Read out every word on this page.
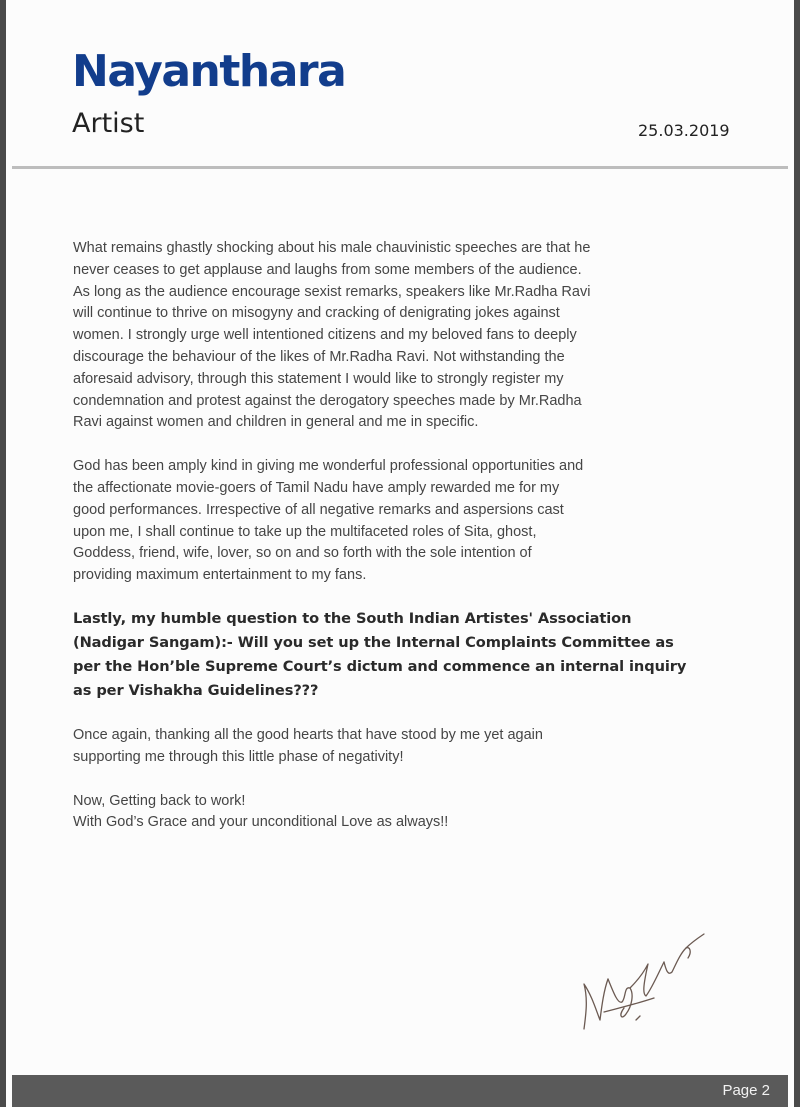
Nayanthara

Artist	25.03.2019

What remains ghastly shocking about his male chauvinistic speeches are that he
never ceases to get applause and laughs from some members of the audience.
As long as the audience encourage sexist remarks, speakers like Mr.Radha Ravi
will continue to thrive on misogyny and cracking of denigrating jokes against
women. I strongly urge well intentioned citizens and my beloved fans to deeply
discourage the behaviour of the likes of Mr.Radha Ravi. Not withstanding the
aforesaid advisory, through this statement I would like to strongly register my
condemnation and protest against the derogatory speeches made by Mr.Radha
Ravi against women and children in general and me in specific.

God has been amply kind in giving me wonderful professional opportunities and
the affectionate movie-goers of Tamil Nadu have amply rewarded me for my
good performances. Irrespective of all negative remarks and aspersions cast
upon me, I shall continue to take up the multifaceted roles of Sita, ghost,
Goddess, friend, wife, lover, so on and so forth with the sole intention of
providing maximum entertainment to my fans.

Lastly, my humble question to the South Indian Artistes' Association
(Nadigar Sangam):- Will you set up the Internal Complaints Committee as
per the Hon’ble Supreme Court’s dictum and commence an internal inquiry
as per Vishakha Guidelines???

Once again, thanking all the good hearts that have stood by me yet again
supporting me through this little phase of negativity!

Now, Getting back to work!
With God’s Grace and your unconditional Love as always!!

Page 2
